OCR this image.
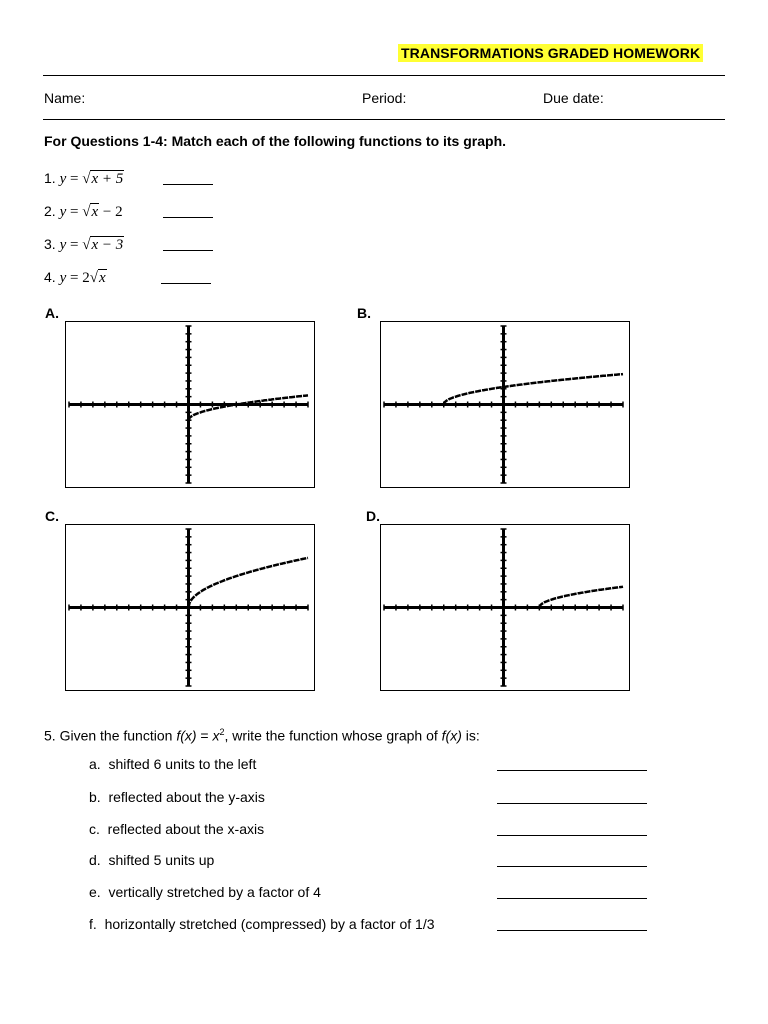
TRANSFORMATIONS GRADED HOMEWORK
Name:	Period:	Due date:
For Questions 1-4: Match each of the following functions to its graph.
1. y = √x + 5
2. y = √x − 2
3. y = √x − 3
4. y = 2√x
A.	B.
C.	D.
5. Given the function $f(x) = x^2$, write the function whose graph of f(x) is:
a. shifted 6 units to the left
b. reflected about the y-axis
c. reflected about the x-axis
d. shifted 5 units up
e. vertically stretched by a factor of 4
f. horizontally stretched (compressed) by a factor of 1/3
